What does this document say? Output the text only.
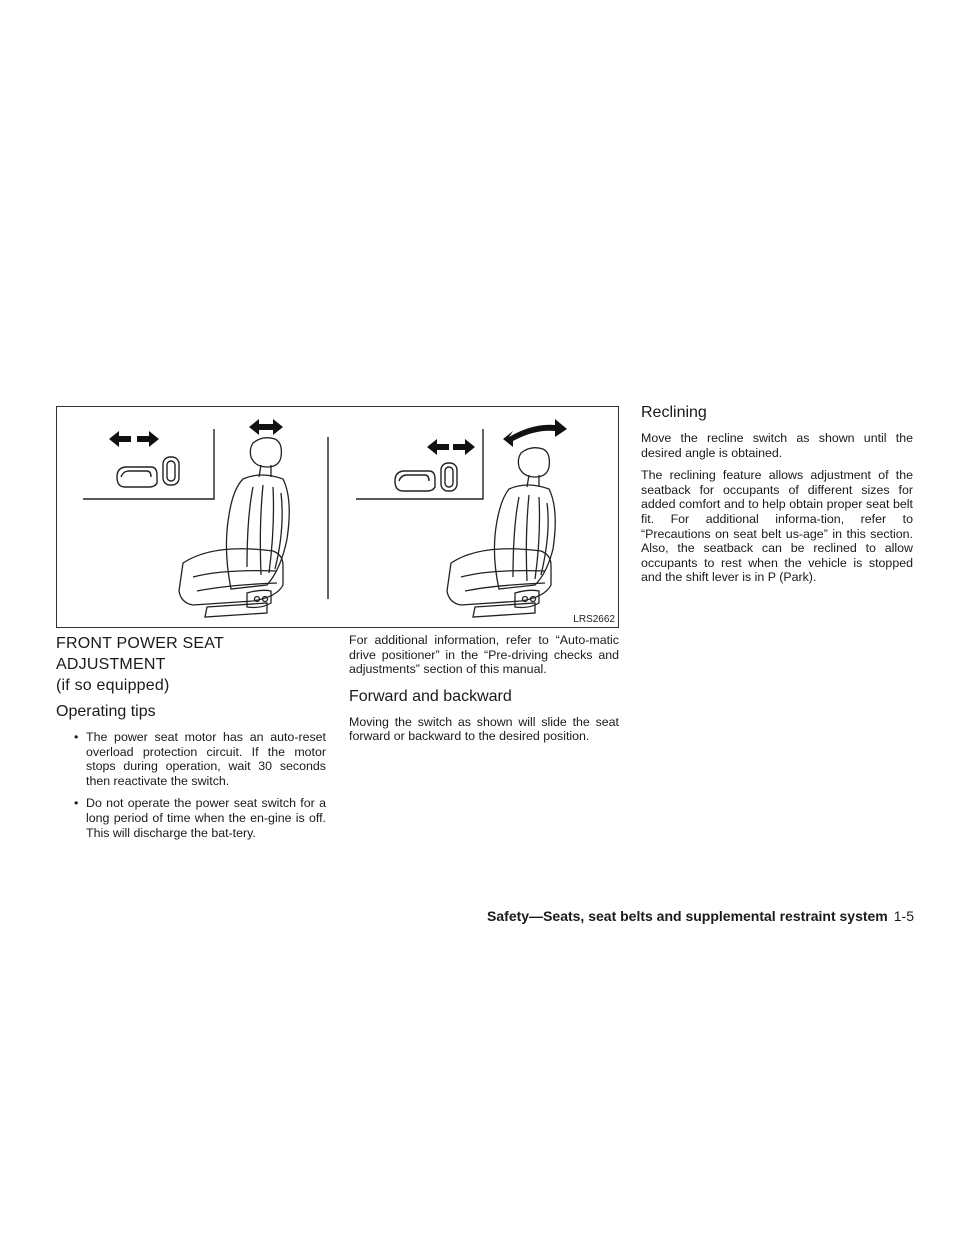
LRS2662
FRONT POWER SEAT ADJUSTMENT
(if so equipped)
Operating tips
• The power seat motor has an auto-reset overload protection circuit. If the motor stops during operation, wait 30 seconds then reactivate the switch.
• Do not operate the power seat switch for a long period of time when the en-gine is off. This will discharge the bat-tery.

For additional information, refer to “Auto-matic drive positioner” in the “Pre-driving checks and adjustments” section of this manual.

Forward and backward

Moving the switch as shown will slide the seat forward or backward to the desired position.

Reclining

Move the recline switch as shown until the desired angle is obtained.

The reclining feature allows adjustment of the seatback for occupants of different sizes for added comfort and to help obtain proper seat belt fit. For additional informa-tion, refer to “Precautions on seat belt us-age” in this section. Also, the seatback can be reclined to allow occupants to rest when the vehicle is stopped and the shift lever is in P (Park).

Safety—Seats, seat belts and supplemental restraint system 1-5
